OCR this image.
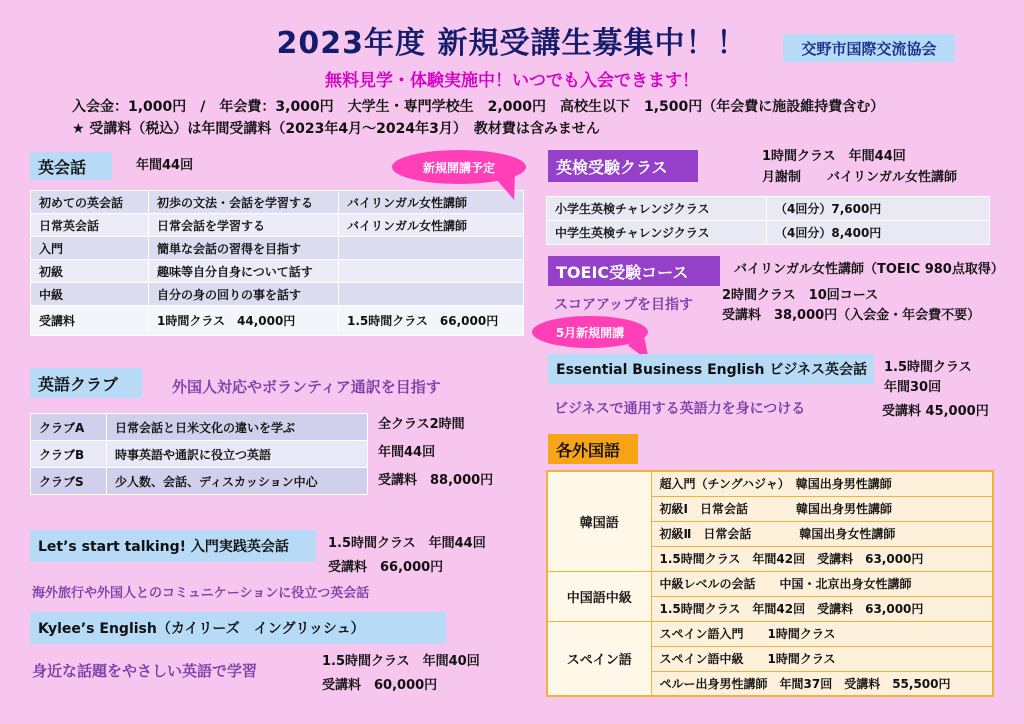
2023年度 新規受講生募集中！！	交野市国際交流協会
無料見学・体験実施中！いつでも入会できます！
入会金：1,000円　/　年会費：3,000円　大学生・専門学校生　2,000円　高校生以下　1,500円（年会費に施設維持費含む）
★ 受講料（税込）は年間受講料（2023年4月～2024年3月）　教材費は含みません
英会話	年間44回
初めての英会話	初歩の文法・会話を学習する	バイリンガル女性講師
日常英会話	日常会話を学習する	バイリンガル女性講師
入門	簡単な会話の習得を目指す	
初級	趣味等自分自身について話す	
中級	自分の身の回りの事を話す	
受講料	1時間クラス　44,000円	1.5時間クラス　66,000円
英語クラブ	外国人対応やボランティア通訳を目指す
クラブA	日常会話と日米文化の違いを学ぶ
クラブB	時事英語や通訳に役立つ英語
クラブS	少人数、会話、ディスカッション中心
全クラス2時間
年間44回
受講料　88,000円
Let’s start talking! 入門実践英会話	1.5時間クラス　年間44回
受講料　66,000円
海外旅行や外国人とのコミュニケーションに役立つ英会話
Kylee’s English（カイリーズ　イングリッシュ）
身近な話題をやさしい英語で学習
1.5時間クラス　年間40回
受講料　60,000円
新規開講予定	英検受験クラス
1時間クラス　年間44回
月謝制　　バイリンガル女性講師
小学生英検チャレンジクラス	（4回分）7,600円
中学生英検チャレンジクラス	（4回分）8,400円
TOEIC受験コース	バイリンガル女性講師（TOEIC 980点取得）
スコアアップを目指す
2時間クラス　10回コース
受講料　38,000円（入会金・年会費不要）
5月新規開講
Essential Business English ビジネス英会話	1.5時間クラス
年間30回
受講料 45,000円
ビジネスで通用する英語力を身につける
各外国語
韓国語	超入門（チングハジャ）　韓国出身男性講師
	初級Ⅰ　日常会話　　　　韓国出身男性講師
	初級Ⅱ　日常会話　　　　韓国出身女性講師
	1.5時間クラス　年間42回　受講料　63,000円
中国語中級	中級レベルの会話　　中国・北京出身女性講師
	1.5時間クラス　年間42回　受講料　63,000円
スペイン語	スペイン語入門　　1時間クラス
	スペイン語中級　　1時間クラス
	ペルー出身男性講師　年間37回　受講料　55,500円
